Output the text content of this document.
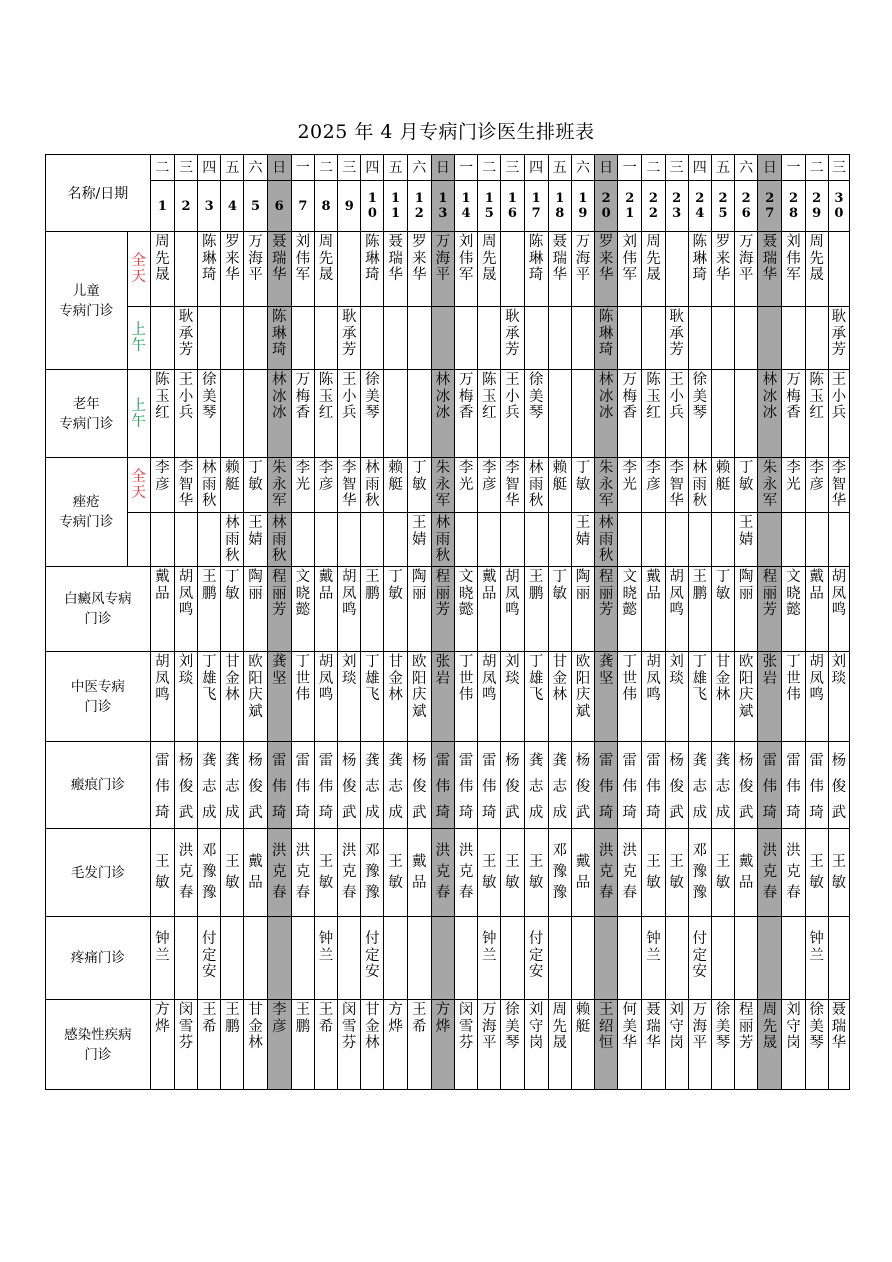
2025 年 4 月专病门诊医生排班表
名称/日期		二	三	四	五	六	日	一	二	三	四	五	六	日	一	二	三	四	五	六	日	一	二	三	四	五	六	日	一	二	三

		1	2	3	4	5	6	7	8	9	10	11	12	13	14	15	16	17	18	19	20	21	22	23	24	25	26	27	28	29	30

儿童
专病门诊	全
天	周先晟		陈琳琦	罗来华	万海平	聂瑞华	刘伟军	周先晟		陈琳琦	聂瑞华	罗来华	万海平	刘伟军	周先晟		陈琳琦	聂瑞华	万海平	罗来华	刘伟军	周先晟		陈琳琦	罗来华	万海平	聂瑞华	刘伟军	周先晟	

	上
午		耿承芳				陈琳琦			耿承芳							耿承芳				陈琳琦			耿承芳							耿承芳

老年
专病门诊	上
午	陈玉红	王小兵	徐美琴			林冰冰	万梅香	陈玉红	王小兵	徐美琴			林冰冰	万梅香	陈玉红	王小兵	徐美琴			林冰冰	万梅香	陈玉红	王小兵	徐美琴			林冰冰	万梅香	陈玉红	王小兵

痤疮
专病门诊	全
天	李彦	李智华	林雨秋	赖艇	丁敏	朱永军	李光	李彦	李智华	林雨秋	赖艇	丁敏	朱永军	李光	李彦	李智华	林雨秋	赖艇	丁敏	朱永军	李光	李彦	李智华	林雨秋	赖艇	丁敏	朱永军	李光	李彦	李智华

					林雨秋	王婧	林雨秋						王婧	林雨秋						王婧	林雨秋						王婧				

白癜风专病
门诊		戴品	胡凤鸣	王鹏	丁敏	陶丽	程丽芳	文晓懿	戴品	胡凤鸣	王鹏	丁敏	陶丽	程丽芳	文晓懿	戴品	胡凤鸣	王鹏	丁敏	陶丽	程丽芳	文晓懿	戴品	胡凤鸣	王鹏	丁敏	陶丽	程丽芳	文晓懿	戴品	胡凤鸣

中医专病
门诊		胡凤鸣	刘琰	丁雄飞	甘金林	欧阳庆斌	龚坚	丁世伟	胡凤鸣	刘琰	丁雄飞	甘金林	欧阳庆斌	张岩	丁世伟	胡凤鸣	刘琰	丁雄飞	甘金林	欧阳庆斌	龚坚	丁世伟	胡凤鸣	刘琰	丁雄飞	甘金林	欧阳庆斌	张岩	丁世伟	胡凤鸣	刘琰

瘢痕门诊		雷伟琦	杨俊武	龚志成	龚志成	杨俊武	雷伟琦	雷伟琦	雷伟琦	杨俊武	龚志成	龚志成	杨俊武	雷伟琦	雷伟琦	雷伟琦	杨俊武	龚志成	龚志成	杨俊武	雷伟琦	雷伟琦	雷伟琦	杨俊武	龚志成	龚志成	杨俊武	雷伟琦	雷伟琦	雷伟琦	杨俊武

毛发门诊		王敏	洪克春	邓豫豫	王敏	戴品	洪克春	洪克春	王敏	洪克春	邓豫豫	王敏	戴品	洪克春	洪克春	王敏	王敏	王敏	邓豫豫	戴品	洪克春	洪克春	王敏	王敏	邓豫豫	王敏	戴品	洪克春	洪克春	王敏	王敏

疼痛门诊		钟兰		付定安					钟兰		付定安					钟兰		付定安					钟兰		付定安					钟兰	

感染性疾病
门诊		方烨	闵雪芬	王希	王鹏	甘金林	李彦	王鹏	王希	闵雪芬	甘金林	方烨	王希	方烨	闵雪芬	万海平	徐美琴	刘守岗	周先晟	赖艇	王绍恒	何美华	聂瑞华	刘守岗	万海平	徐美琴	程丽芳	周先晟	刘守岗	徐美琴	聂瑞华
